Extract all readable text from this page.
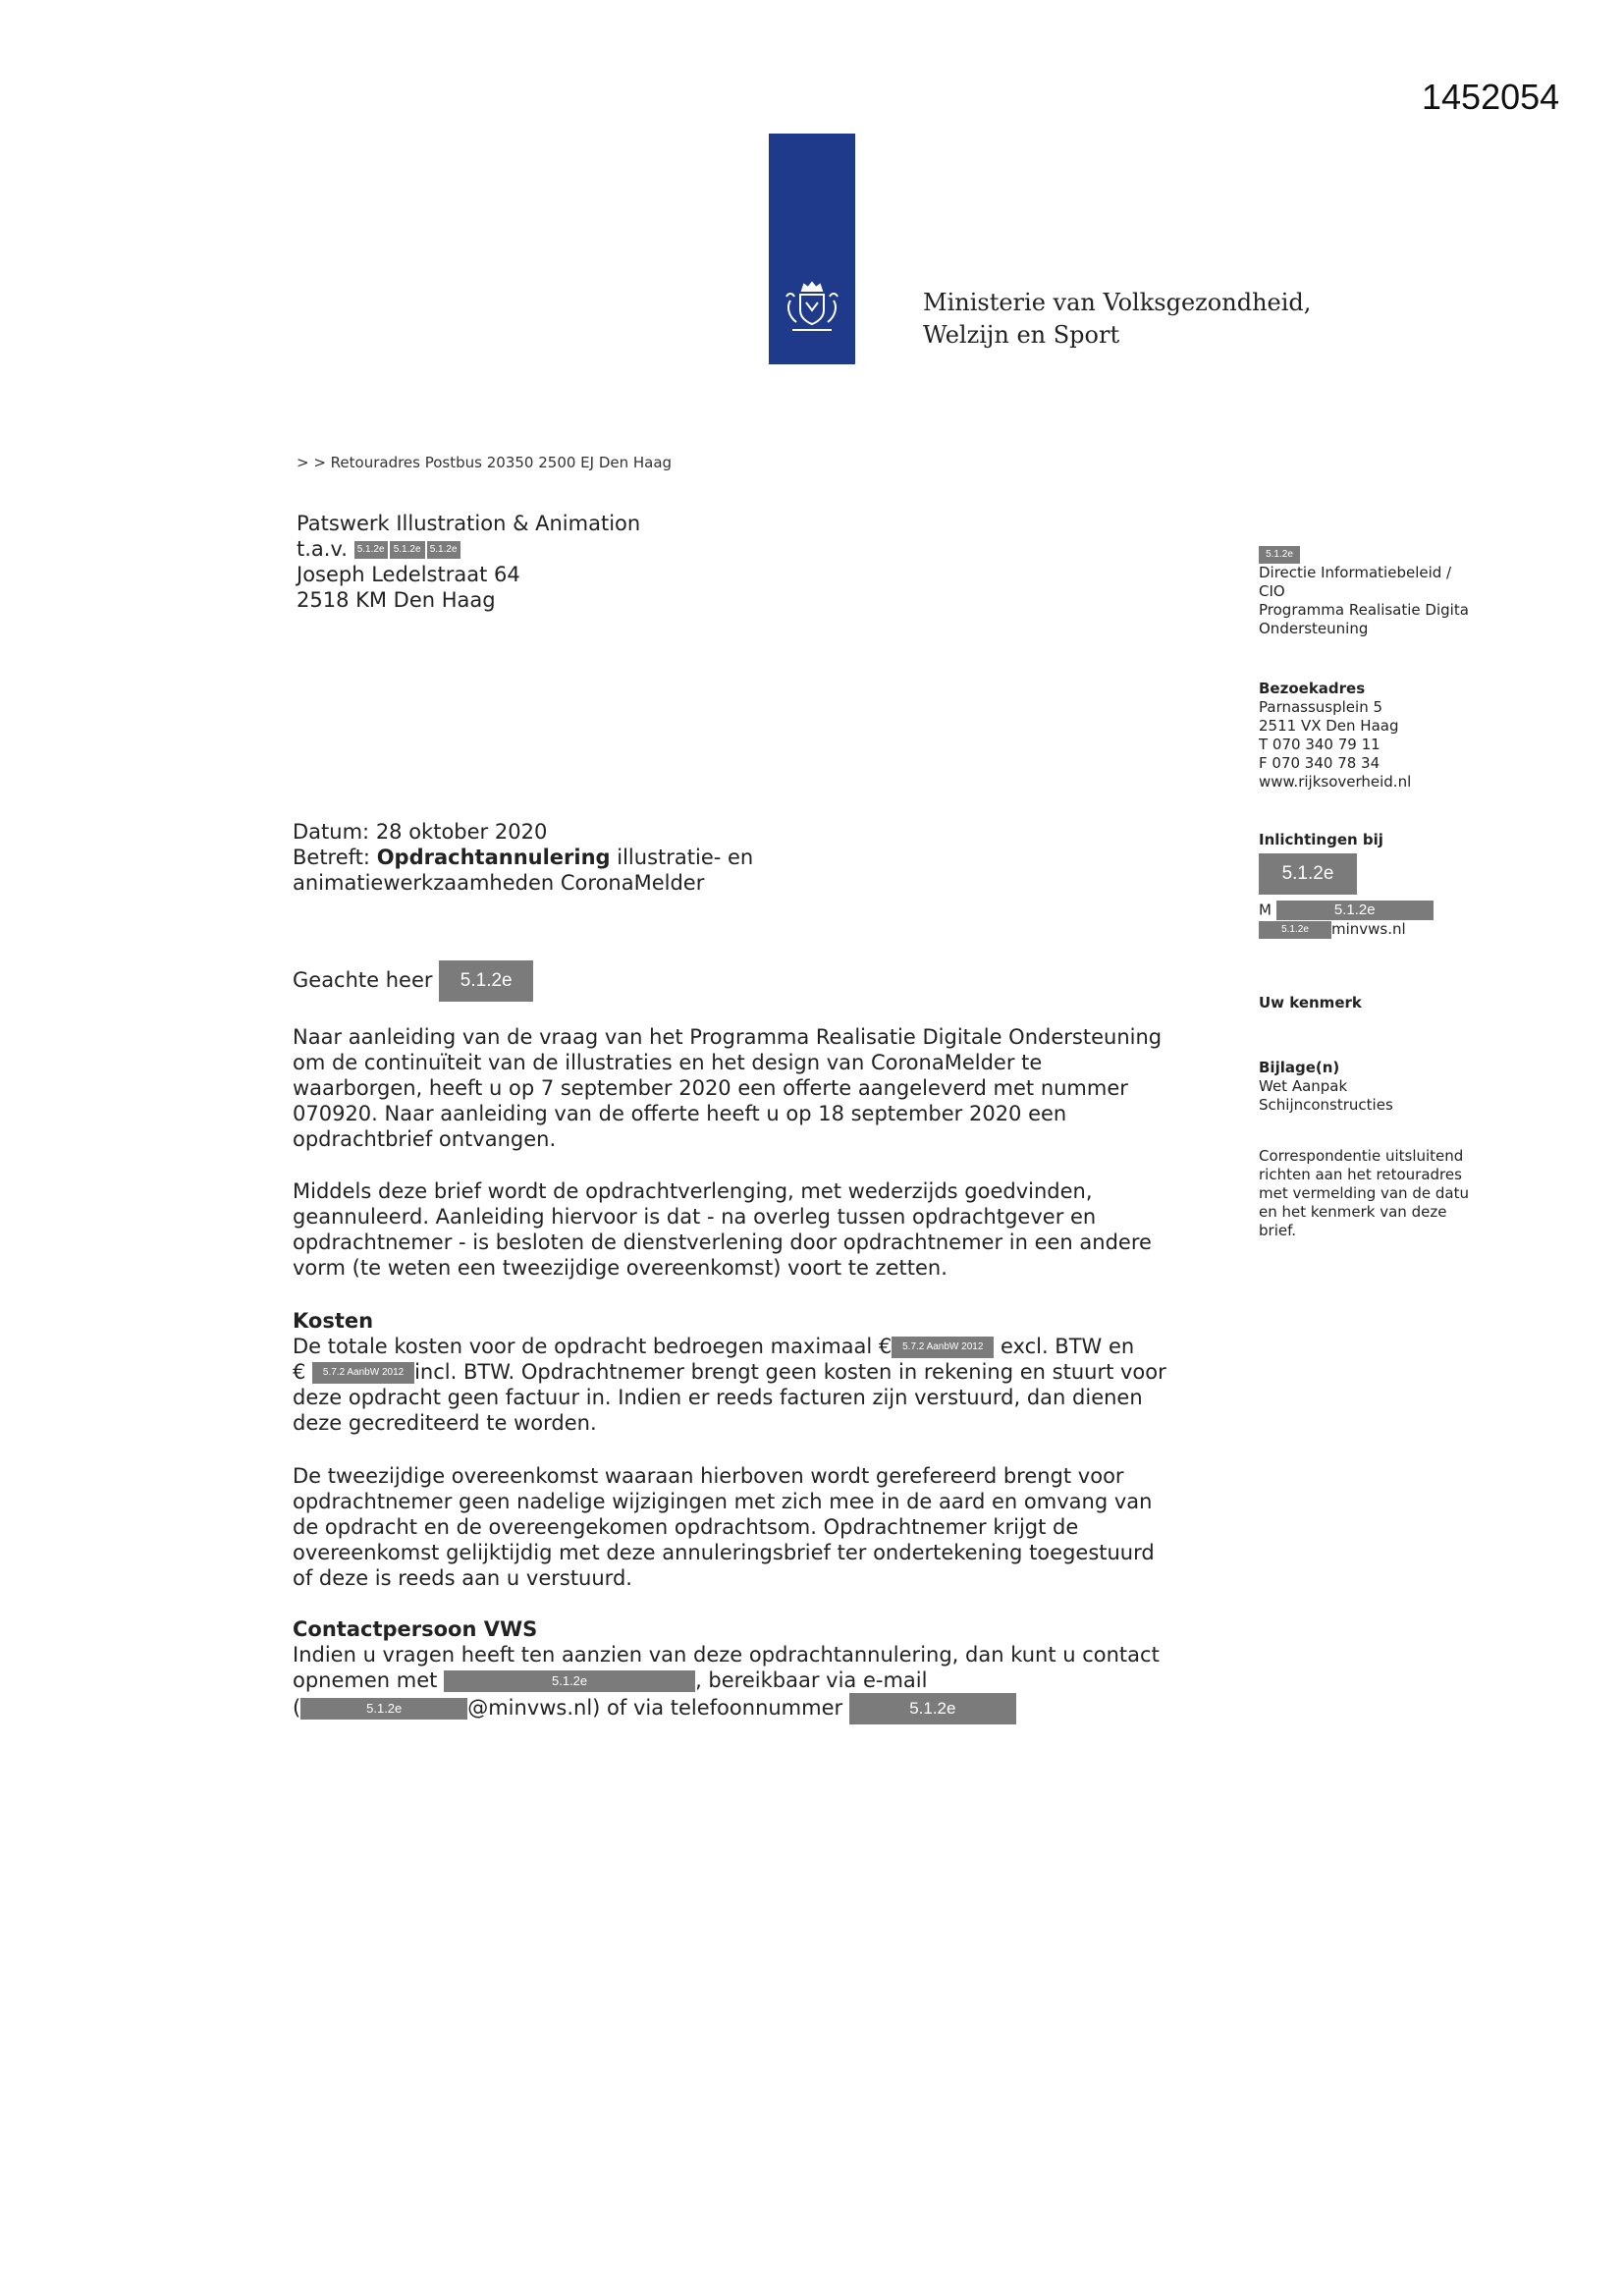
1452054
Ministerie van Volksgezondheid,
Welzijn en Sport
> > Retouradres Postbus 20350 2500 EJ Den Haag
Patswerk Illustration & Animation
t.a.v. 5.1.2e 5.1.2e 5.1.2e
Joseph Ledelstraat 64
2518 KM Den Haag
5.1.2e
Directie Informatiebeleid /
CIO
Programma Realisatie Digita
Ondersteuning
Bezoekadres
Parnassusplein 5
2511 VX Den Haag
T 070 340 79 11
F 070 340 78 34
www.rijksoverheid.nl
Inlichtingen bij
5.1.2e
M	5.1.2e
5.1.2e minvws.nl
Uw kenmerk
Bijlage(n)
Wet Aanpak
Schijnconstructies
Correspondentie uitsluitend
richten aan het retouradres
met vermelding van de datu
en het kenmerk van deze
brief.
Datum: 28 oktober 2020
Betreft: Opdrachtannulering illustratie- en
animatiewerkzaamheden CoronaMelder
Geachte heer 5.1.2e
Naar aanleiding van de vraag van het Programma Realisatie Digitale Ondersteuning
om de continuïteit van de illustraties en het design van CoronaMelder te
waarborgen, heeft u op 7 september 2020 een offerte aangeleverd met nummer
070920. Naar aanleiding van de offerte heeft u op 18 september 2020 een
opdrachtbrief ontvangen.
Middels deze brief wordt de opdrachtverlenging, met wederzijds goedvinden,
geannuleerd. Aanleiding hiervoor is dat - na overleg tussen opdrachtgever en
opdrachtnemer - is besloten de dienstverlening door opdrachtnemer in een andere
vorm (te weten een tweezijdige overeenkomst) voort te zetten.
Kosten
De totale kosten voor de opdracht bedroegen maximaal € 5.7.2 AanbW 2012 excl. BTW en
€ 5.7.2 AanbW 2012 incl. BTW. Opdrachtnemer brengt geen kosten in rekening en stuurt voor
deze opdracht geen factuur in. Indien er reeds facturen zijn verstuurd, dan dienen
deze gecrediteerd te worden.
De tweezijdige overeenkomst waaraan hierboven wordt gerefereerd brengt voor
opdrachtnemer geen nadelige wijzigingen met zich mee in de aard en omvang van
de opdracht en de overeengekomen opdrachtsom. Opdrachtnemer krijgt de
overeenkomst gelijktijdig met deze annuleringsbrief ter ondertekening toegestuurd
of deze is reeds aan u verstuurd.
Contactpersoon VWS
Indien u vragen heeft ten aanzien van deze opdrachtannulering, dan kunt u contact
opnemen met	5.1.2e	, bereikbaar via e-mail
(	5.1.2e	@minvws.nl) of via telefoonnummer	5.1.2e
